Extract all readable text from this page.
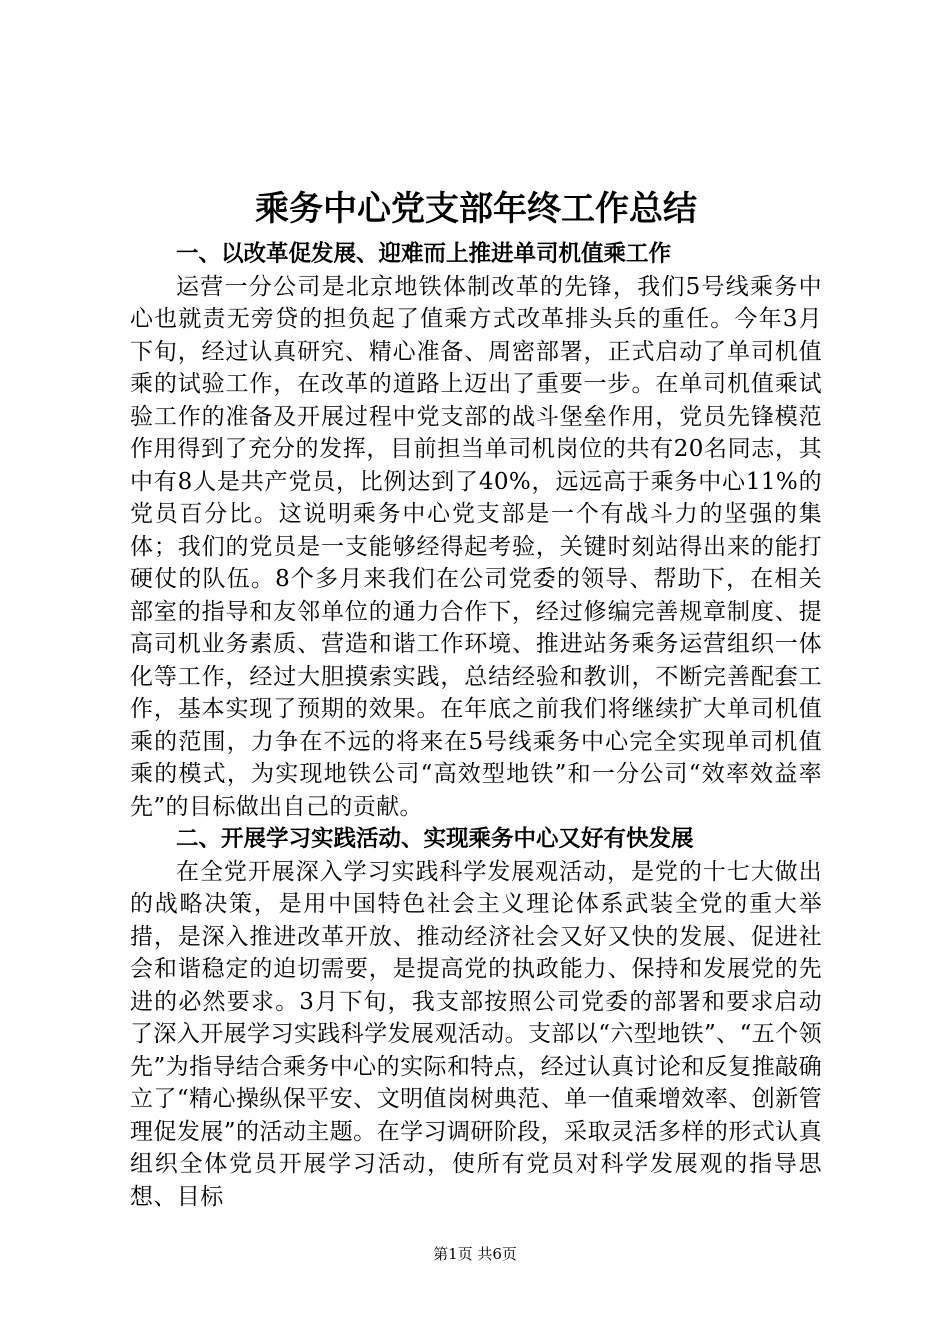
乘务中心党支部年终工作总结
一、以改革促发展、迎难而上推进单司机值乘工作

运营一分公司是北京地铁体制改革的先锋，我们5号线乘务中心也就责无旁贷的担负起了值乘方式改革排头兵的重任。今年3月下旬，经过认真研究、精心准备、周密部署，正式启动了单司机值乘的试验工作，在改革的道路上迈出了重要一步。在单司机值乘试验工作的准备及开展过程中党支部的战斗堡垒作用，党员先锋模范作用得到了充分的发挥，目前担当单司机岗位的共有20名同志，其中有8人是共产党员，比例达到了40%，远远高于乘务中心11%的党员百分比。这说明乘务中心党支部是一个有战斗力的坚强的集体；我们的党员是一支能够经得起考验，关键时刻站得出来的能打硬仗的队伍。8个多月来我们在公司党委的领导、帮助下，在相关部室的指导和友邻单位的通力合作下，经过修编完善规章制度、提高司机业务素质、营造和谐工作环境、推进站务乘务运营组织一体化等工作，经过大胆摸索实践，总结经验和教训，不断完善配套工作，基本实现了预期的效果。在年底之前我们将继续扩大单司机值乘的范围，力争在不远的将来在5号线乘务中心完全实现单司机值乘的模式，为实现地铁公司“高效型地铁”和一分公司“效率效益率先”的目标做出自己的贡献。

二、开展学习实践活动、实现乘务中心又好有快发展

在全党开展深入学习实践科学发展观活动，是党的十七大做出的战略决策，是用中国特色社会主义理论体系武装全党的重大举措，是深入推进改革开放、推动经济社会又好又快的发展、促进社会和谐稳定的迫切需要，是提高党的执政能力、保持和发展党的先进的必然要求。3月下旬，我支部按照公司党委的部署和要求启动了深入开展学习实践科学发展观活动。支部以“六型地铁”、“五个领先”为指导结合乘务中心的实际和特点，经过认真讨论和反复推敲确立了“精心操纵保平安、文明值岗树典范、单一值乘增效率、创新管理促发展”的活动主题。在学习调研阶段，采取灵活多样的形式认真组织全体党员开展学习活动，使所有党员对科学发展观的指导思想、目标

第1页 共6页
